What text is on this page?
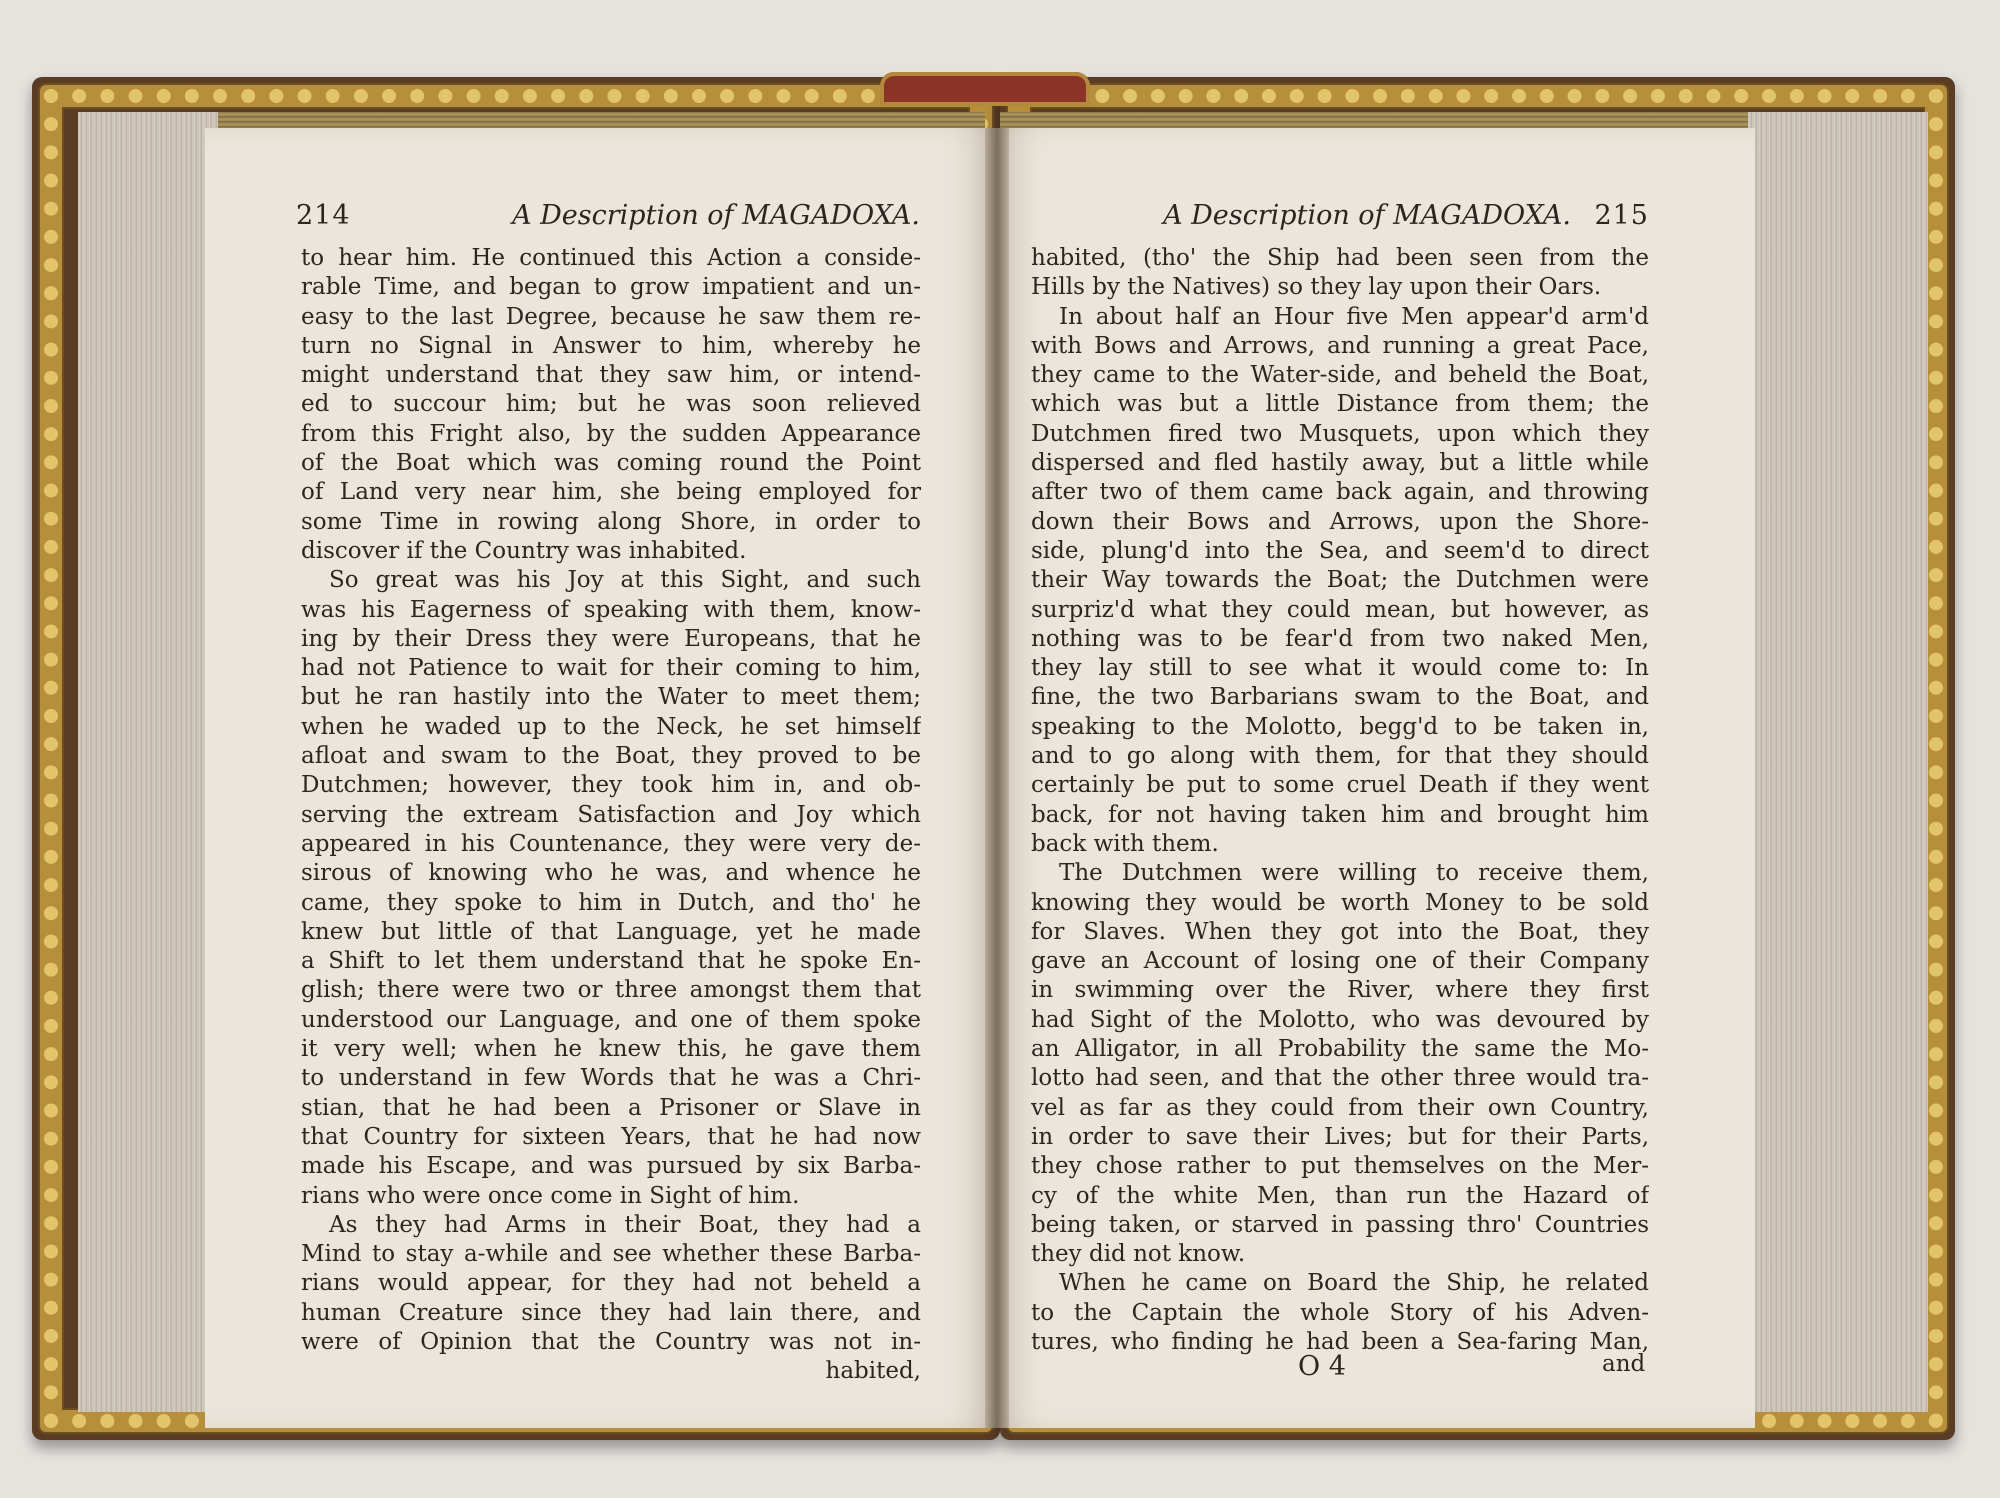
214	A Description of MAGADOXA.	A Description of MAGADOXA. 215
to hear him. He continued this Action a conside-
rable Time, and began to grow impatient and un-
easy to the last Degree, because he saw them re-
turn no Signal in Answer to him, whereby he
might understand that they saw him, or intend-
ed to succour him; but he was soon relieved
from this Fright also, by the sudden Appearance
of the Boat which was coming round the Point
of Land very near him, she being employed for
some Time in rowing along Shore, in order to
discover if the Country was inhabited.
So great was his Joy at this Sight, and such
was his Eagerness of speaking with them, know-
ing by their Dress they were Europeans, that he
had not Patience to wait for their coming to him,
but he ran hastily into the Water to meet them;
when he waded up to the Neck, he set himself
afloat and swam to the Boat, they proved to be
Dutchmen; however, they took him in, and ob-
serving the extream Satisfaction and Joy which
appeared in his Countenance, they were very de-
sirous of knowing who he was, and whence he
came, they spoke to him in Dutch, and tho' he
knew but little of that Language, yet he made
a Shift to let them understand that he spoke En-
glish; there were two or three amongst them that
understood our Language, and one of them spoke
it very well; when he knew this, he gave them
to understand in few Words that he was a Chri-
stian, that he had been a Prisoner or Slave in
that Country for sixteen Years, that he had now
made his Escape, and was pursued by six Barba-
rians who were once come in Sight of him.
As they had Arms in their Boat, they had a
Mind to stay a-while and see whether these Barba-
rians would appear, for they had not beheld a
human Creature since they had lain there, and
were of Opinion that the Country was not in-
habited,
habited, (tho' the Ship had been seen from the
Hills by the Natives) so they lay upon their Oars.
In about half an Hour five Men appear'd arm'd
with Bows and Arrows, and running a great Pace,
they came to the Water-side, and beheld the Boat,
which was but a little Distance from them; the
Dutchmen fired two Musquets, upon which they
dispersed and fled hastily away, but a little while
after two of them came back again, and throwing
down their Bows and Arrows, upon the Shore-
side, plung'd into the Sea, and seem'd to direct
their Way towards the Boat; the Dutchmen were
surpriz'd what they could mean, but however, as
nothing was to be fear'd from two naked Men,
they lay still to see what it would come to: In
fine, the two Barbarians swam to the Boat, and
speaking to the Molotto, begg'd to be taken in,
and to go along with them, for that they should
certainly be put to some cruel Death if they went
back, for not having taken him and brought him
back with them.
The Dutchmen were willing to receive them,
knowing they would be worth Money to be sold
for Slaves. When they got into the Boat, they
gave an Account of losing one of their Company
in swimming over the River, where they first
had Sight of the Molotto, who was devoured by
an Alligator, in all Probability the same the Mo-
lotto had seen, and that the other three would tra-
vel as far as they could from their own Country,
in order to save their Lives; but for their Parts,
they chose rather to put themselves on the Mer-
cy of the white Men, than run the Hazard of
being taken, or starved in passing thro' Countries
they did not know.
When he came on Board the Ship, he related
to the Captain the whole Story of his Adven-
tures, who finding he had been a Sea-faring Man,
O 4	and
